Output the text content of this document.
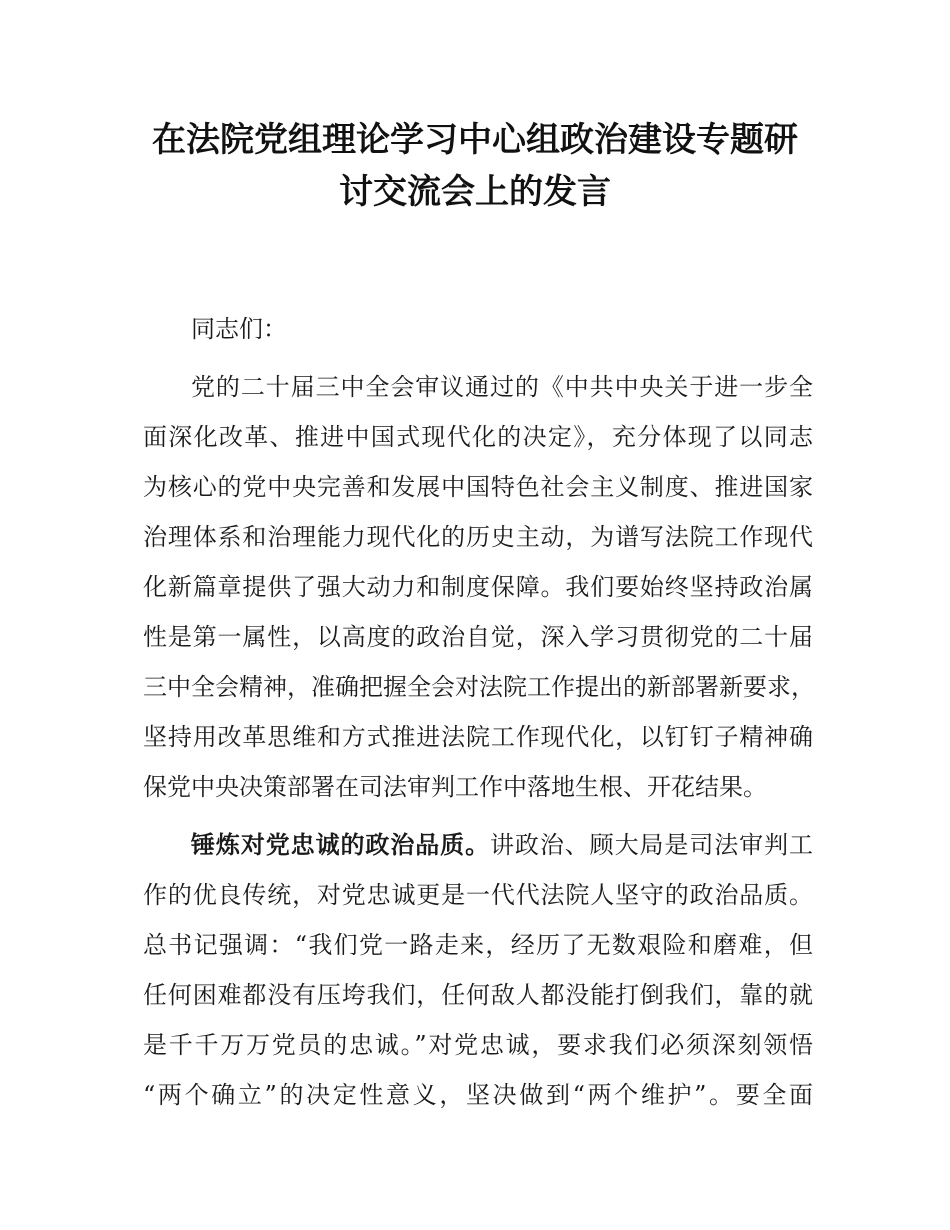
在法院党组理论学习中心组政治建设专题研
讨交流会上的发言

同志们：

党的二十届三中全会审议通过的《中共中央关于进一步全
面深化改革、推进中国式现代化的决定》，充分体现了以同志
为核心的党中央完善和发展中国特色社会主义制度、推进国家
治理体系和治理能力现代化的历史主动，为谱写法院工作现代
化新篇章提供了强大动力和制度保障。我们要始终坚持政治属
性是第一属性，以高度的政治自觉，深入学习贯彻党的二十届
三中全会精神，准确把握全会对法院工作提出的新部署新要求，
坚持用改革思维和方式推进法院工作现代化，以钉钉子精神确
保党中央决策部署在司法审判工作中落地生根、开花结果。

锤炼对党忠诚的政治品质。讲政治、顾大局是司法审判工
作的优良传统，对党忠诚更是一代代法院人坚守的政治品质。
总书记强调：“我们党一路走来，经历了无数艰险和磨难，但
任何困难都没有压垮我们，任何敌人都没能打倒我们，靠的就
是千千万万党员的忠诚。”对党忠诚，要求我们必须深刻领悟
“两个确立”的决定性意义，坚决做到“两个维护”。要全面
